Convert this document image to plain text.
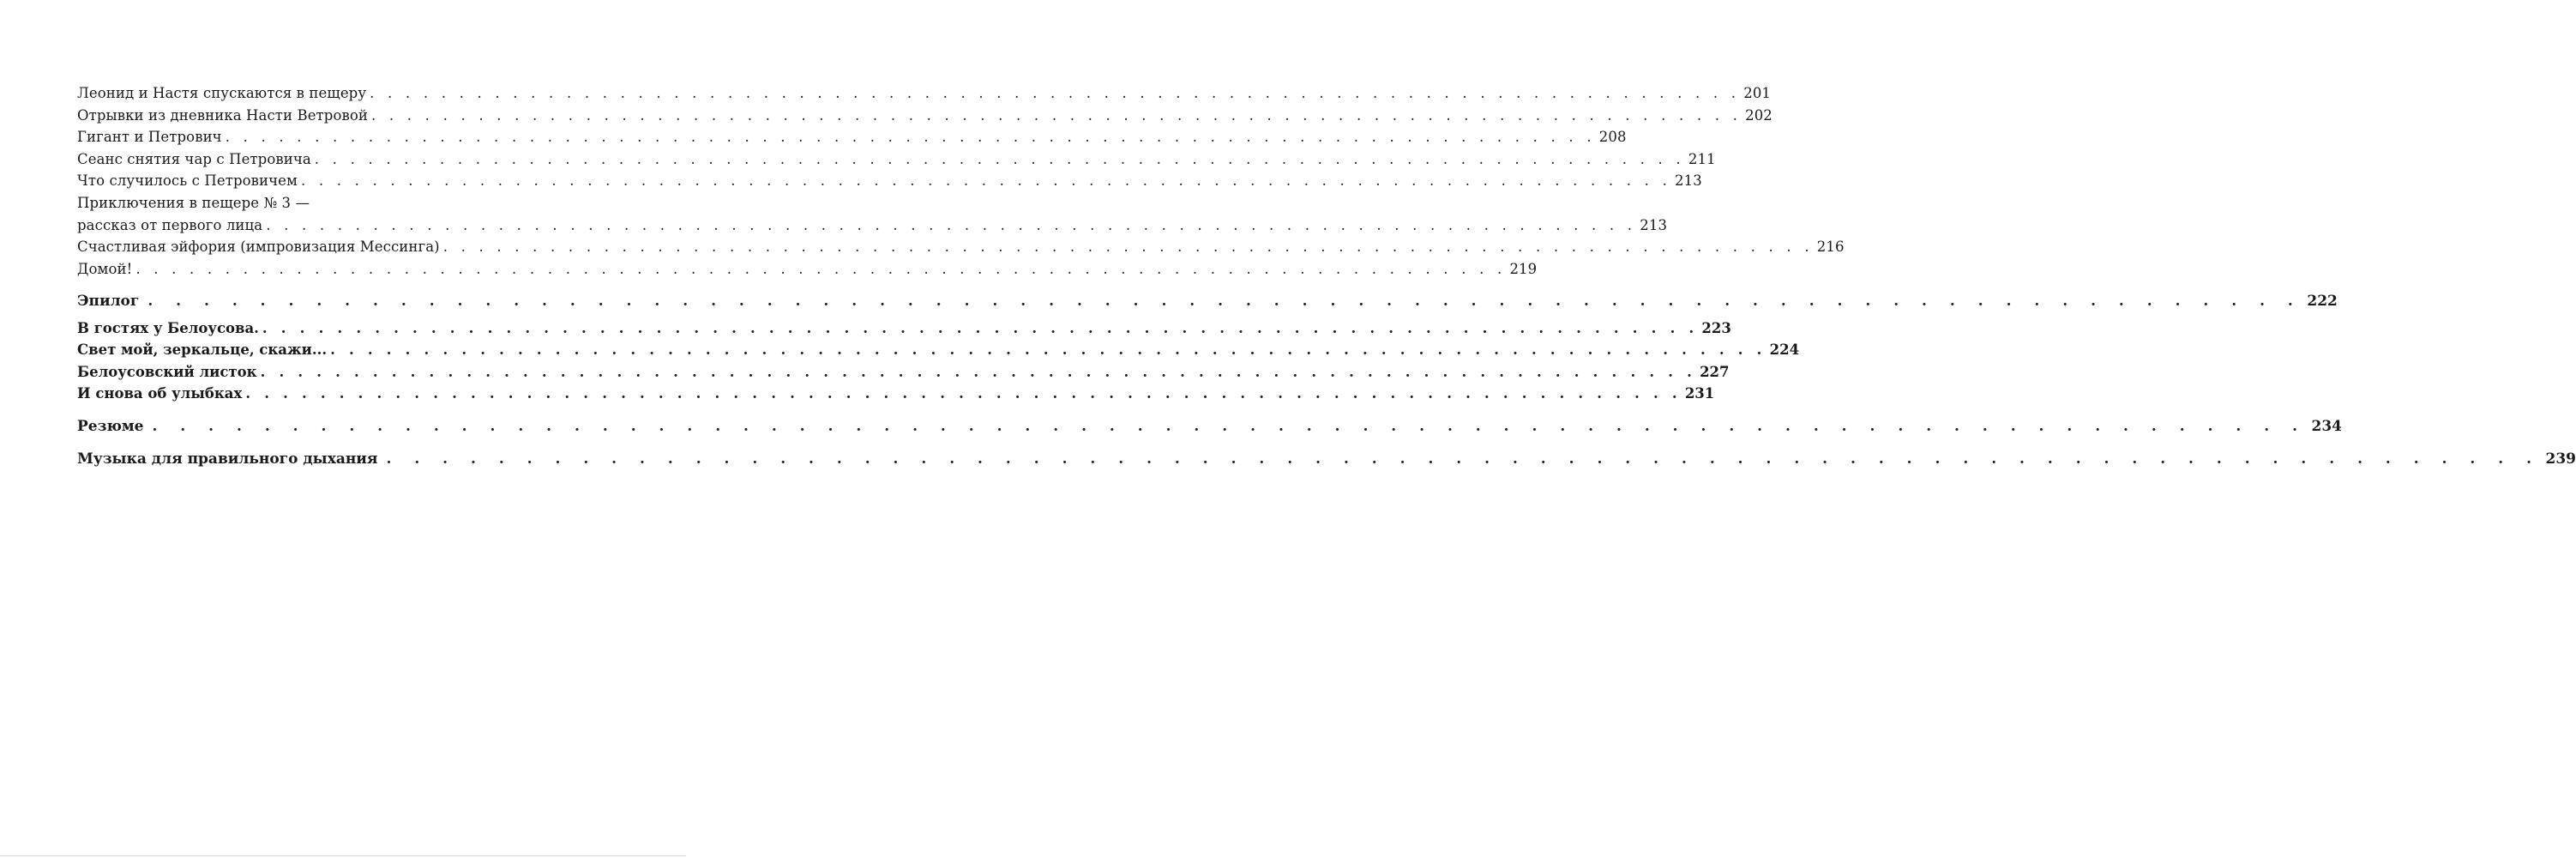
Леонид и Настя спускаются в пещеру . . . . . . . . . . . . . . . . . . . . . . . . . . . . . . . . . . . . . . . . . . . . . . . . . . . . . . . . . . . . . . . . . . . . . . . . . . . . . 201
Отрывки из дневника Насти Ветровой . . . . . . . . . . . . . . . . . . . . . . . . . . . . . . . . . . . . . . . . . . . . . . . . . . . . . . . . . . . . . . . . . . . . . . . . . . . . . 202
Гигант и Петрович . . . . . . . . . . . . . . . . . . . . . . . . . . . . . . . . . . . . . . . . . . . . . . . . . . . . . . . . . . . . . . . . . . . . . . . . . . . . . 208
Сеанс снятия чар с Петровича . . . . . . . . . . . . . . . . . . . . . . . . . . . . . . . . . . . . . . . . . . . . . . . . . . . . . . . . . . . . . . . . . . . . . . . . . . . . . 211
Что случилось с Петровичем . . . . . . . . . . . . . . . . . . . . . . . . . . . . . . . . . . . . . . . . . . . . . . . . . . . . . . . . . . . . . . . . . . . . . . . . . . . . . 213
Приключения в пещере № 3 —
рассказ от первого лица . . . . . . . . . . . . . . . . . . . . . . . . . . . . . . . . . . . . . . . . . . . . . . . . . . . . . . . . . . . . . . . . . . . . . . . . . . . . . 213
Счастливая эйфория (импровизация Мессинга) . . . . . . . . . . . . . . . . . . . . . . . . . . . . . . . . . . . . . . . . . . . . . . . . . . . . . . . . . . . . . . . . . . . . . . . . . . . . . 216
Домой! . . . . . . . . . . . . . . . . . . . . . . . . . . . . . . . . . . . . . . . . . . . . . . . . . . . . . . . . . . . . . . . . . . . . . . . . . . . . . 219
Эпилог . . . . . . . . . . . . . . . . . . . . . . . . . . . . . . . . . . . . . . . . . . . . . . . . . . . . . . . . . . . . . . . . . . . . . . . . . . . . . 222
В гостях у Белоусова. . . . . . . . . . . . . . . . . . . . . . . . . . . . . . . . . . . . . . . . . . . . . . . . . . . . . . . . . . . . . . . . . . . . . . . . . . . . . . 223
Свет мой, зеркальце, скажи... . . . . . . . . . . . . . . . . . . . . . . . . . . . . . . . . . . . . . . . . . . . . . . . . . . . . . . . . . . . . . . . . . . . . . . . . . . . . . 224
Белоусовский листок . . . . . . . . . . . . . . . . . . . . . . . . . . . . . . . . . . . . . . . . . . . . . . . . . . . . . . . . . . . . . . . . . . . . . . . . . . . . . 227
И снова об улыбках . . . . . . . . . . . . . . . . . . . . . . . . . . . . . . . . . . . . . . . . . . . . . . . . . . . . . . . . . . . . . . . . . . . . . . . . . . . . . 231
Резюме . . . . . . . . . . . . . . . . . . . . . . . . . . . . . . . . . . . . . . . . . . . . . . . . . . . . . . . . . . . . . . . . . . . . . . . . . . . . . 234
Музыка для правильного дыхания . . . . . . . . . . . . . . . . . . . . . . . . . . . . . . . . . . . . . . . . . . . . . . . . . . . . . . . . . . . . . . . . . . . . . . . . . . . . . 239
